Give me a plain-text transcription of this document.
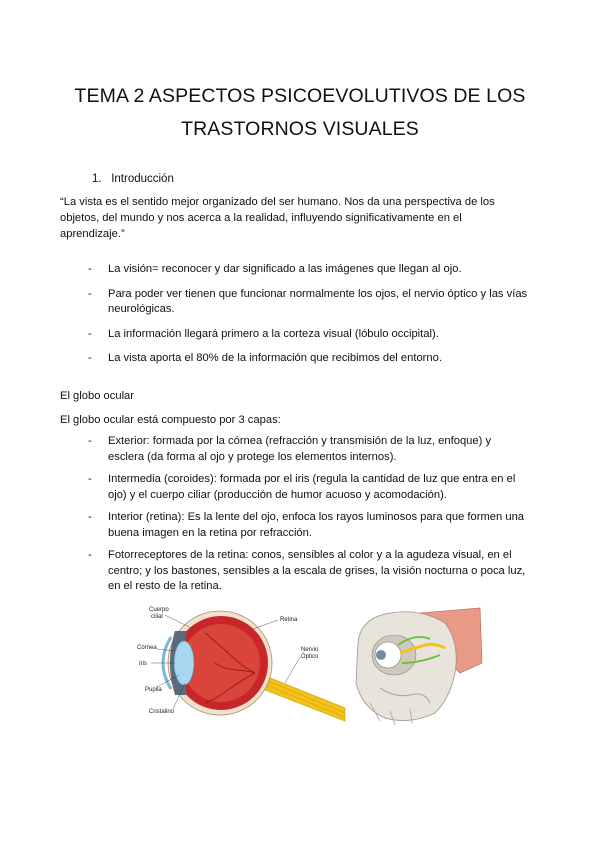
TEMA 2 ASPECTOS PSICOEVOLUTIVOS DE LOS TRASTORNOS VISUALES
1. Introducción
“La vista es el sentido mejor organizado del ser humano. Nos da una perspectiva de los objetos, del mundo y nos acerca a la realidad, influyendo significativamente en el aprendizaje.”
- La visión= reconocer y dar significado a las imágenes que llegan al ojo.
- Para poder ver tienen que funcionar normalmente los ojos, el nervio óptico y las vías neurológicas.
- La información llegará primero a la corteza visual (lóbulo occipital).
- La vista aporta el 80% de la información que recibimos del entorno.
El globo ocular
El globo ocular está compuesto por 3 capas:
- Exterior: formada por la córnea (refracción y transmisión de la luz, enfoque) y esclera (da forma al ojo y protege los elementos internos).
- Intermedia (coroides): formada por el iris (regula la cantidad de luz que entra en el ojo) y el cuerpo ciliar (producción de humor acuoso y acomodación).
- Interior (retina): Es la lente del ojo, enfoca los rayos luminosos para que formen una buena imagen en la retina por refracción.
- Fotorreceptores de la retina: conos, sensibles al color y a la agudeza visual, en el centro; y los bastones, sensibles a la escala de grises, la visión nocturna o poca luz, en el resto de la retina.
Cuerpo
ciliar
Córnea
Iris
Pupila
Cristalino
Retina
Nervio
Óptico
